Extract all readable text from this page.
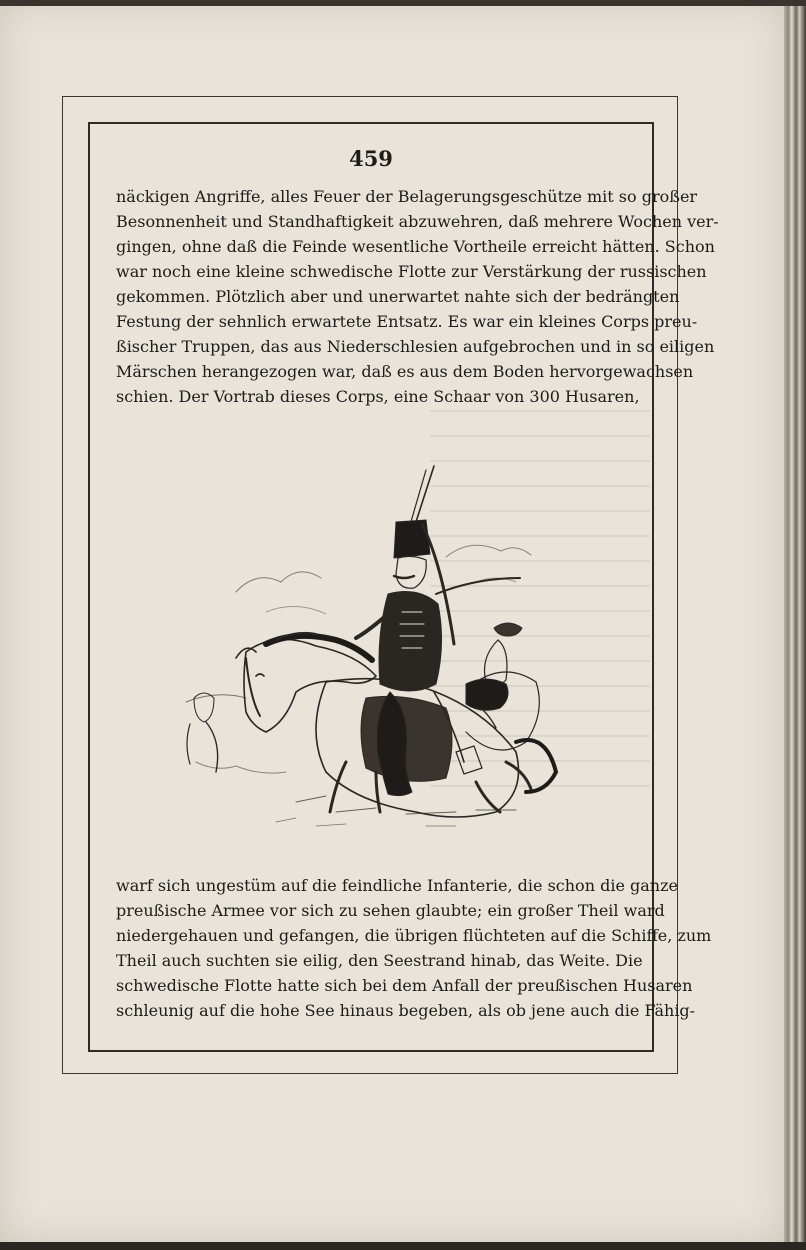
459
näckigen Angriffe, alles Feuer der Belagerungsgeschütze mit so großer
Besonnenheit und Standhaftigkeit abzuwehren, daß mehrere Wochen ver-
gingen, ohne daß die Feinde wesentliche Vortheile erreicht hätten. Schon
war noch eine kleine schwedische Flotte zur Verstärkung der russischen
gekommen. Plötzlich aber und unerwartet nahte sich der bedrängten
Festung der sehnlich erwartete Entsatz. Es war ein kleines Corps preu-
ßischer Truppen, das aus Niederschlesien aufgebrochen und in so eiligen
Märschen herangezogen war, daß es aus dem Boden hervorgewachsen
schien. Der Vortrab dieses Corps, eine Schaar von 300 Husaren,
warf sich ungestüm auf die feindliche Infanterie, die schon die ganze
preußische Armee vor sich zu sehen glaubte; ein großer Theil ward
niedergehauen und gefangen, die übrigen flüchteten auf die Schiffe, zum
Theil auch suchten sie eilig, den Seestrand hinab, das Weite. Die
schwedische Flotte hatte sich bei dem Anfall der preußischen Husaren
schleunig auf die hohe See hinaus begeben, als ob jene auch die Fähig-
